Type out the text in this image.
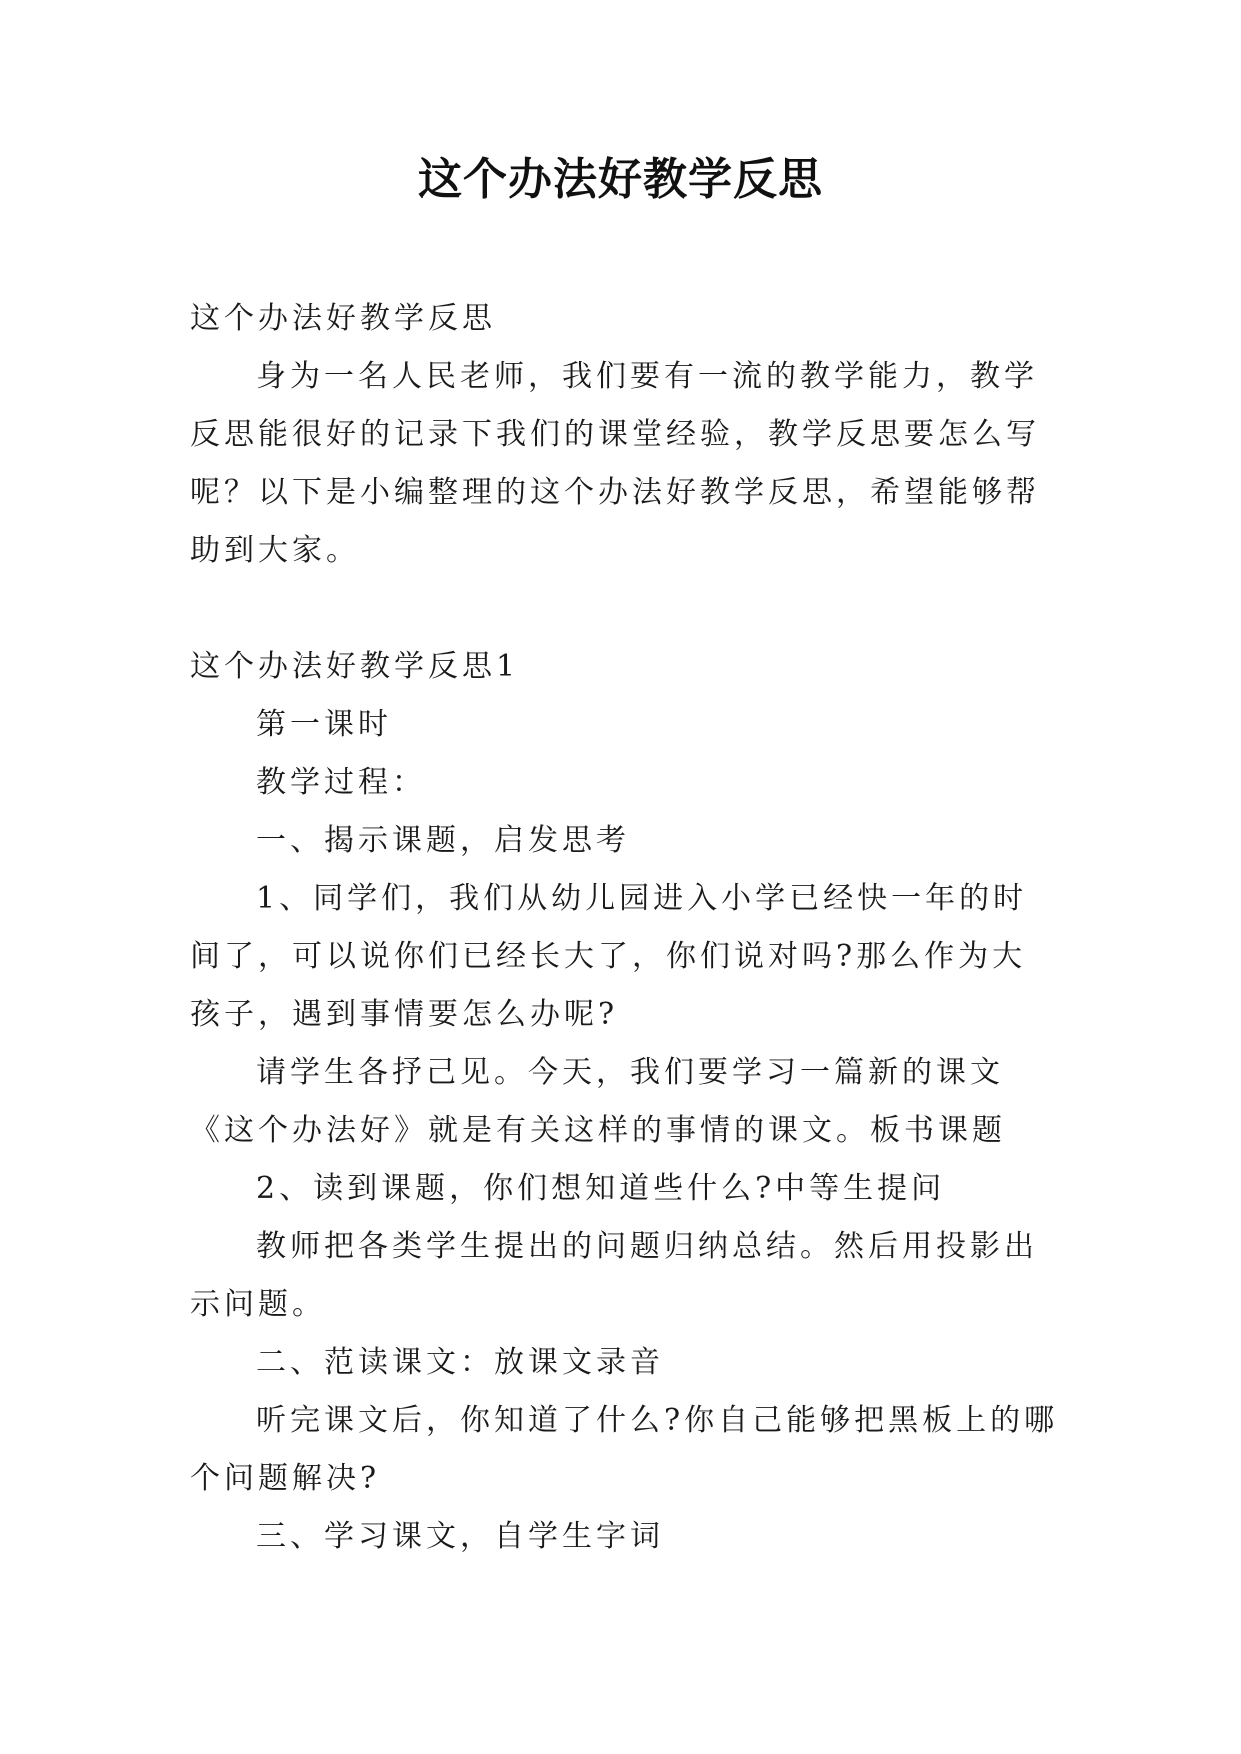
这个办法好教学反思

这个办法好教学反思

身为一名人民老师，我们要有一流的教学能力，教学反思能很好的记录下我们的课堂经验，教学反思要怎么写呢？以下是小编整理的这个办法好教学反思，希望能够帮助到大家。

这个办法好教学反思1

第一课时

教学过程：

一、揭示课题，启发思考

1、同学们，我们从幼儿园进入小学已经快一年的时间了，可以说你们已经长大了，你们说对吗?那么作为大孩子，遇到事情要怎么办呢?

请学生各抒己见。今天，我们要学习一篇新的课文《这个办法好》就是有关这样的事情的课文。板书课题

2、读到课题，你们想知道些什么?中等生提问

教师把各类学生提出的问题归纳总结。然后用投影出示问题。

二、范读课文：放课文录音

听完课文后，你知道了什么?你自己能够把黑板上的哪个问题解决?

三、学习课文，自学生字词
